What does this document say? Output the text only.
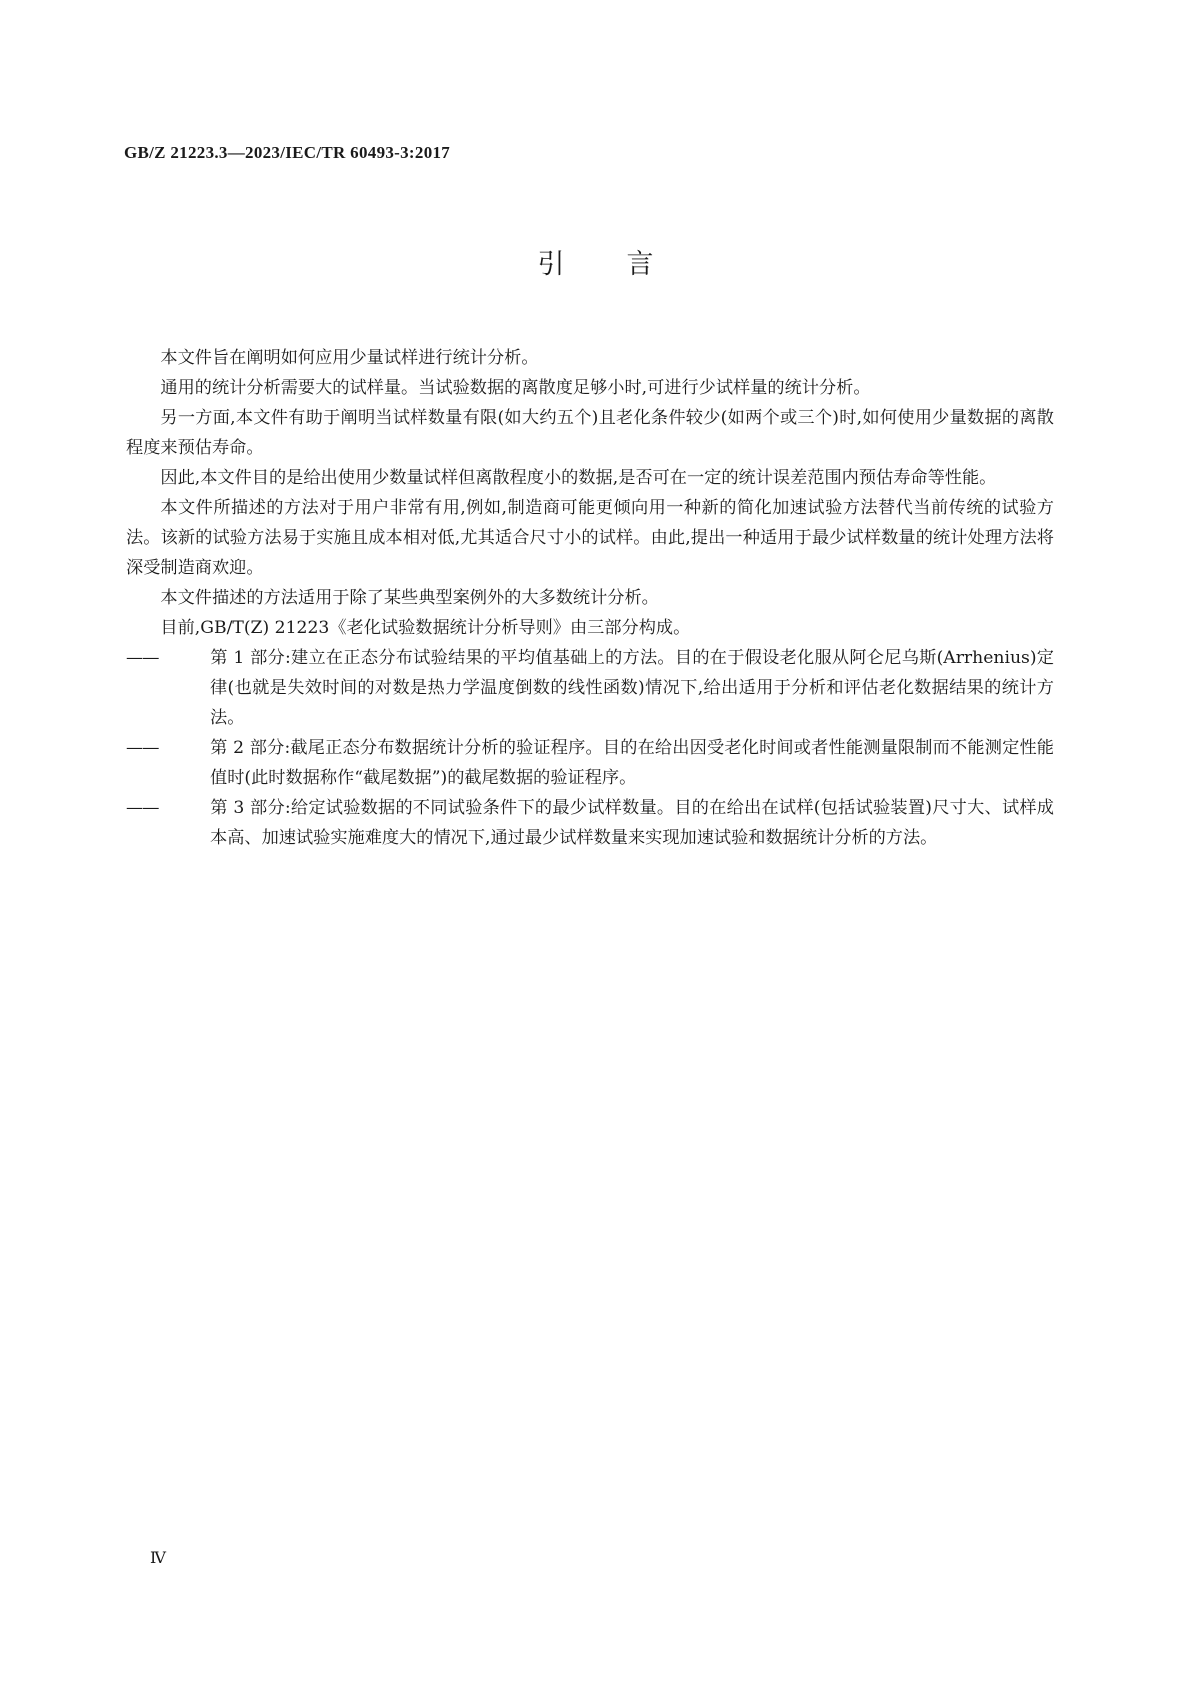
GB/Z 21223.3—2023/IEC/TR 60493-3:2017
引言

本文件旨在阐明如何应用少量试样进行统计分析。

通用的统计分析需要大的试样量。当试验数据的离散度足够小时,可进行少试样量的统计分析。

另一方面,本文件有助于阐明当试样数量有限(如大约五个)且老化条件较少(如两个或三个)时,如何使用少量数据的离散程度来预估寿命。

因此,本文件目的是给出使用少数量试样但离散程度小的数据,是否可在一定的统计误差范围内预估寿命等性能。

本文件所描述的方法对于用户非常有用,例如,制造商可能更倾向用一种新的简化加速试验方法替代当前传统的试验方法。该新的试验方法易于实施且成本相对低,尤其适合尺寸小的试样。由此,提出一种适用于最少试样数量的统计处理方法将深受制造商欢迎。

本文件描述的方法适用于除了某些典型案例外的大多数统计分析。

目前,GB/T(Z) 21223《老化试验数据统计分析导则》由三部分构成。

——	第 1 部分:建立在正态分布试验结果的平均值基础上的方法。目的在于假设老化服从阿仑尼乌斯(Arrhenius)定律(也就是失效时间的对数是热力学温度倒数的线性函数)情况下,给出适用于分析和评估老化数据结果的统计方法。

——	第 2 部分:截尾正态分布数据统计分析的验证程序。目的在给出因受老化时间或者性能测量限制而不能测定性能值时(此时数据称作“截尾数据”)的截尾数据的验证程序。

——	第 3 部分:给定试验数据的不同试验条件下的最少试样数量。目的在给出在试样(包括试验装置)尺寸大、试样成本高、加速试验实施难度大的情况下,通过最少试样数量来实现加速试验和数据统计分析的方法。

Ⅳ
